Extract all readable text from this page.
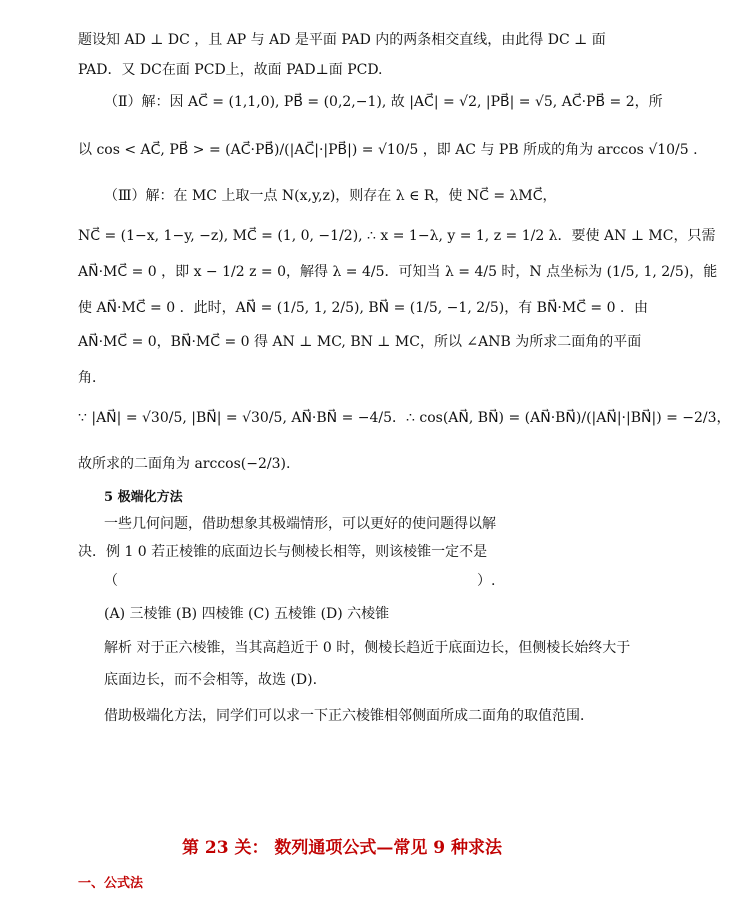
题设知 AD ⊥ DC ，且 AP 与 AD 是平面 PAD 内的两条相交直线，由此得 DC ⊥ 面
PAD．又 DC在面 PCD上，故面 PAD⊥面 PCD.
（Ⅱ）解：因 AC⃗ = (1,1,0), PB⃗ = (0,2,−1), 故 |AC⃗| = √2, |PB⃗| = √5, AC⃗·PB⃗ = 2，所
以 cos < AC⃗, PB⃗ > = (AC⃗·PB⃗)/(|AC⃗|·|PB⃗|) = √10/5 ，即 AC 与 PB 所成的角为 arccos √10/5 .
（Ⅲ）解：在 MC 上取一点 N(x,y,z)，则存在 λ ∈ R，使 NC⃗ = λMC⃗，
NC⃗ = (1−x, 1−y, −z), MC⃗ = (1, 0, −1/2), ∴ x = 1−λ, y = 1, z = 1/2 λ．要使 AN ⊥ MC，只需
AN⃗·MC⃗ = 0 ，即 x − 1/2 z = 0，解得 λ = 4/5．可知当 λ = 4/5 时，N 点坐标为 (1/5, 1, 2/5)，能
使 AN⃗·MC⃗ = 0 ．此时，AN⃗ = (1/5, 1, 2/5), BN⃗ = (1/5, −1, 2/5)，有 BN⃗·MC⃗ = 0 ．由
AN⃗·MC⃗ = 0，BN⃗·MC⃗ = 0 得 AN ⊥ MC, BN ⊥ MC，所以 ∠ANB 为所求二面角的平面
角．
∵ |AN⃗| = √30/5, |BN⃗| = √30/5, AN⃗·BN⃗ = −4/5．∴ cos(AN⃗, BN⃗) = (AN⃗·BN⃗)/(|AN⃗|·|BN⃗|) = −2/3，
故所求的二面角为 arccos(−2/3).
5 极端化方法
一些几何问题，借助想象其极端情形，可以更好的使问题得以解
决．例 1 0 若正棱锥的底面边长与侧棱长相等，则该棱锥一定不是
（	）.
(A) 三棱锥 (B) 四棱锥 (C) 五棱锥 (D) 六棱锥
解析 对于正六棱锥，当其高趋近于 0 时，侧棱长趋近于底面边长，但侧棱长始终大于
底面边长，而不会相等，故选 (D).
借助极端化方法，同学们可以求一下正六棱锥相邻侧面所成二面角的取值范围．
第 23 关： 数列通项公式—常见 9 种求法
一、公式法
